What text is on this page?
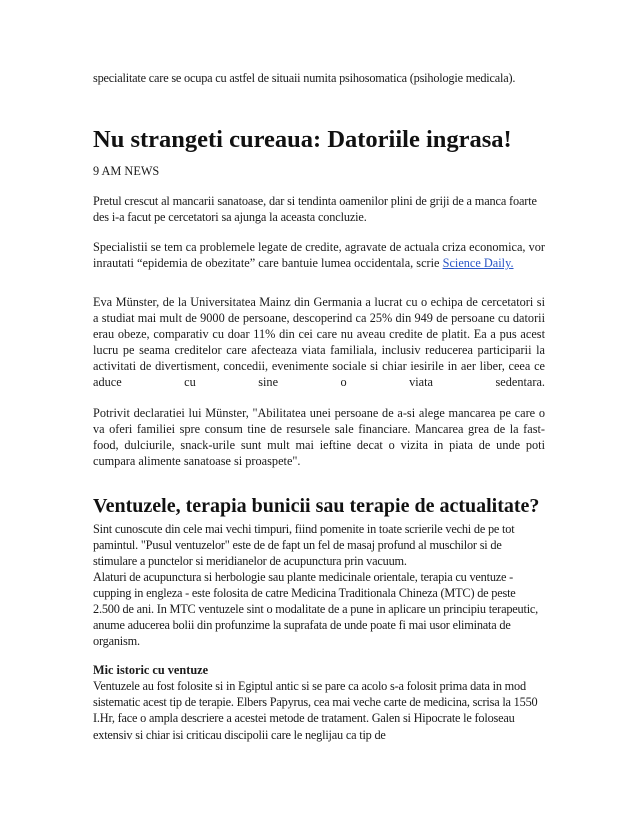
specialitate care se ocupa cu astfel de situaii numita psihosomatica (psihologie medicala).

Nu strangeti cureaua: Datoriile ingrasa!

9 AM NEWS

Pretul crescut al mancarii sanatoase, dar si tendinta oamenilor plini de griji de a manca foarte des i-a facut pe cercetatori sa ajunga la aceasta concluzie.

Specialistii se tem ca problemele legate de credite, agravate de actuala criza economica, vor inrautati “epidemia de obezitate” care bantuie lumea occidentala, scrie Science Daily.

Eva Münster, de la Universitatea Mainz din Germania a lucrat cu o echipa de cercetatori si a studiat mai mult de 9000 de persoane, descoperind ca 25% din 949 de persoane cu datorii erau obeze, comparativ cu doar 11% din cei care nu aveau credite de platit. Ea a pus acest lucru pe seama creditelor care afecteaza viata familiala, inclusiv reducerea participarii la activitati de divertisment, concedii, evenimente sociale si chiar iesirile in aer liber, ceea ce aduce cu sine o viata sedentara.

Potrivit declaratiei lui Münster, "Abilitatea unei persoane de a-si alege mancarea pe care o va oferi familiei spre consum tine de resursele sale financiare. Mancarea grea de la fast-food, dulciurile, snack-urile sunt mult mai ieftine decat o vizita in piata de unde poti cumpara alimente sanatoase si proaspete".

Ventuzele, terapia bunicii sau terapie de actualitate?

Sint cunoscute din cele mai vechi timpuri, fiind pomenite in toate scrierile vechi de pe tot pamintul. "Pusul ventuzelor" este de de fapt un fel de masaj profund al muschilor si de stimulare a punctelor si meridianelor de acupunctura prin vacuum.

Alaturi de acupunctura si herbologie sau plante medicinale orientale, terapia cu ventuze - cupping in engleza - este folosita de catre Medicina Traditionala Chineza (MTC) de peste 2.500 de ani. In MTC ventuzele sint o modalitate de a pune in aplicare un principiu terapeutic, anume aducerea bolii din profunzime la suprafata de unde poate fi mai usor eliminata de organism.

Mic istoric cu ventuze

Ventuzele au fost folosite si in Egiptul antic si se pare ca acolo s-a folosit prima data in mod sistematic acest tip de terapie. Elbers Papyrus, cea mai veche carte de medicina, scrisa la 1550 I.Hr, face o ampla descriere a acestei metode de tratament. Galen si Hipocrate le foloseau extensiv si chiar isi criticau discipolii care le neglijau ca tip de
